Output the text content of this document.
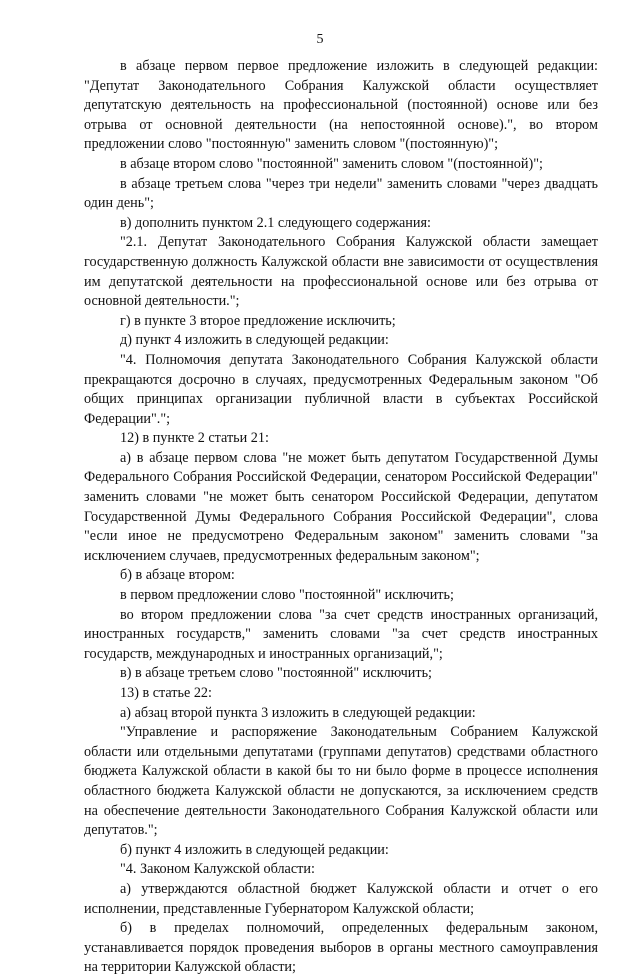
5

в абзаце первом первое предложение изложить в следующей редакции: "Депутат Законодательного Собрания Калужской области осуществляет депутатскую деятельность на профессиональной (постоянной) основе или без отрыва от основной деятельности (на непостоянной основе).", во втором предложении слово "постоянную" заменить словом "(постоянную)";

в абзаце втором слово "постоянной" заменить словом "(постоянной)";

в абзаце третьем слова "через три недели" заменить словами "через двадцать один день";

в) дополнить пунктом 2.1 следующего содержания:

"2.1. Депутат Законодательного Собрания Калужской области замещает государственную должность Калужской области вне зависимости от осуществления им депутатской деятельности на профессиональной основе или без отрыва от основной деятельности.";

г) в пункте 3 второе предложение исключить;

д) пункт 4 изложить в следующей редакции:

"4. Полномочия депутата Законодательного Собрания Калужской области прекращаются досрочно в случаях, предусмотренных Федеральным законом "Об общих принципах организации публичной власти в субъектах Российской Федерации".";

12) в пункте 2 статьи 21:

а) в абзаце первом слова "не может быть депутатом Государственной Думы Федерального Собрания Российской Федерации, сенатором Российской Федерации" заменить словами "не может быть сенатором Российской Федерации, депутатом Государственной Думы Федерального Собрания Российской Федерации", слова "если иное не предусмотрено Федеральным законом" заменить словами "за исключением случаев, предусмотренных федеральным законом";

б) в абзаце втором:

в первом предложении слово "постоянной" исключить;

во втором предложении слова "за счет средств иностранных организаций, иностранных государств," заменить словами "за счет средств иностранных государств, международных и иностранных организаций,";

в) в абзаце третьем слово "постоянной" исключить;

13) в статье 22:

а) абзац второй пункта 3 изложить в следующей редакции:

"Управление и распоряжение Законодательным Собранием Калужской области или отдельными депутатами (группами депутатов) средствами областного бюджета Калужской области в какой бы то ни было форме в процессе исполнения областного бюджета Калужской области не допускаются, за исключением средств на обеспечение деятельности Законодательного Собрания Калужской области или депутатов.";

б) пункт 4 изложить в следующей редакции:

"4. Законом Калужской области:

а) утверждаются областной бюджет Калужской области и отчет о его исполнении, представленные Губернатором Калужской области;

б) в пределах полномочий, определенных федеральным законом, устанавливается порядок проведения выборов в органы местного самоуправления на территории Калужской области;
